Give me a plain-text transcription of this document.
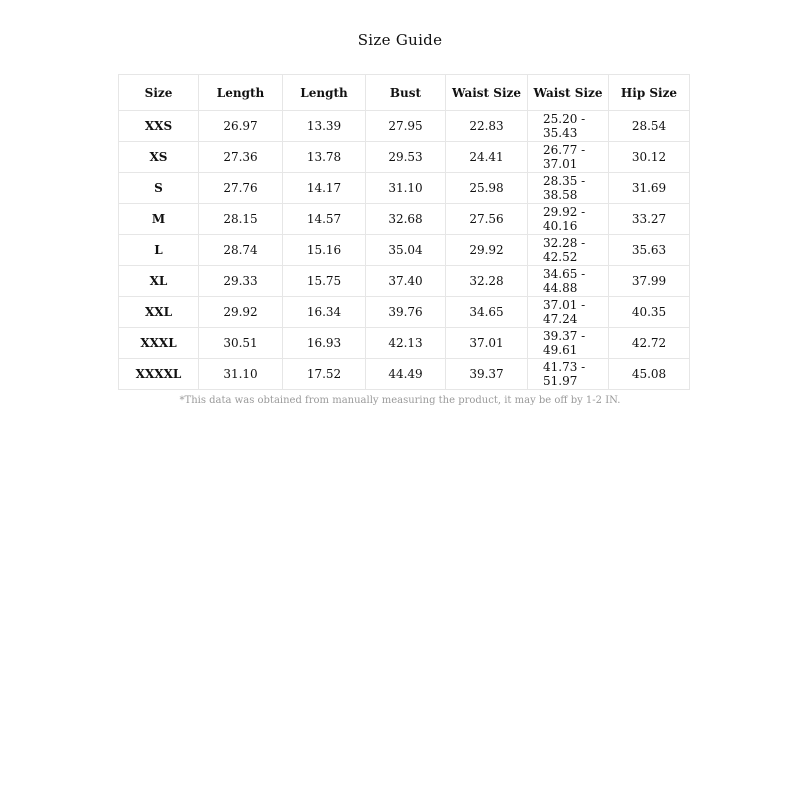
Size Guide
Size	Length	Length	Bust	Waist Size	Waist Size	Hip Size
XXS	26.97	13.39	27.95	22.83	25.20 - 35.43	28.54
XS	27.36	13.78	29.53	24.41	26.77 - 37.01	30.12
S	27.76	14.17	31.10	25.98	28.35 - 38.58	31.69
M	28.15	14.57	32.68	27.56	29.92 - 40.16	33.27
L	28.74	15.16	35.04	29.92	32.28 - 42.52	35.63
XL	29.33	15.75	37.40	32.28	34.65 - 44.88	37.99
XXL	29.92	16.34	39.76	34.65	37.01 - 47.24	40.35
XXXL	30.51	16.93	42.13	37.01	39.37 - 49.61	42.72
XXXXL	31.10	17.52	44.49	39.37	41.73 - 51.97	45.08
*This data was obtained from manually measuring the product, it may be off by 1-2 IN.
